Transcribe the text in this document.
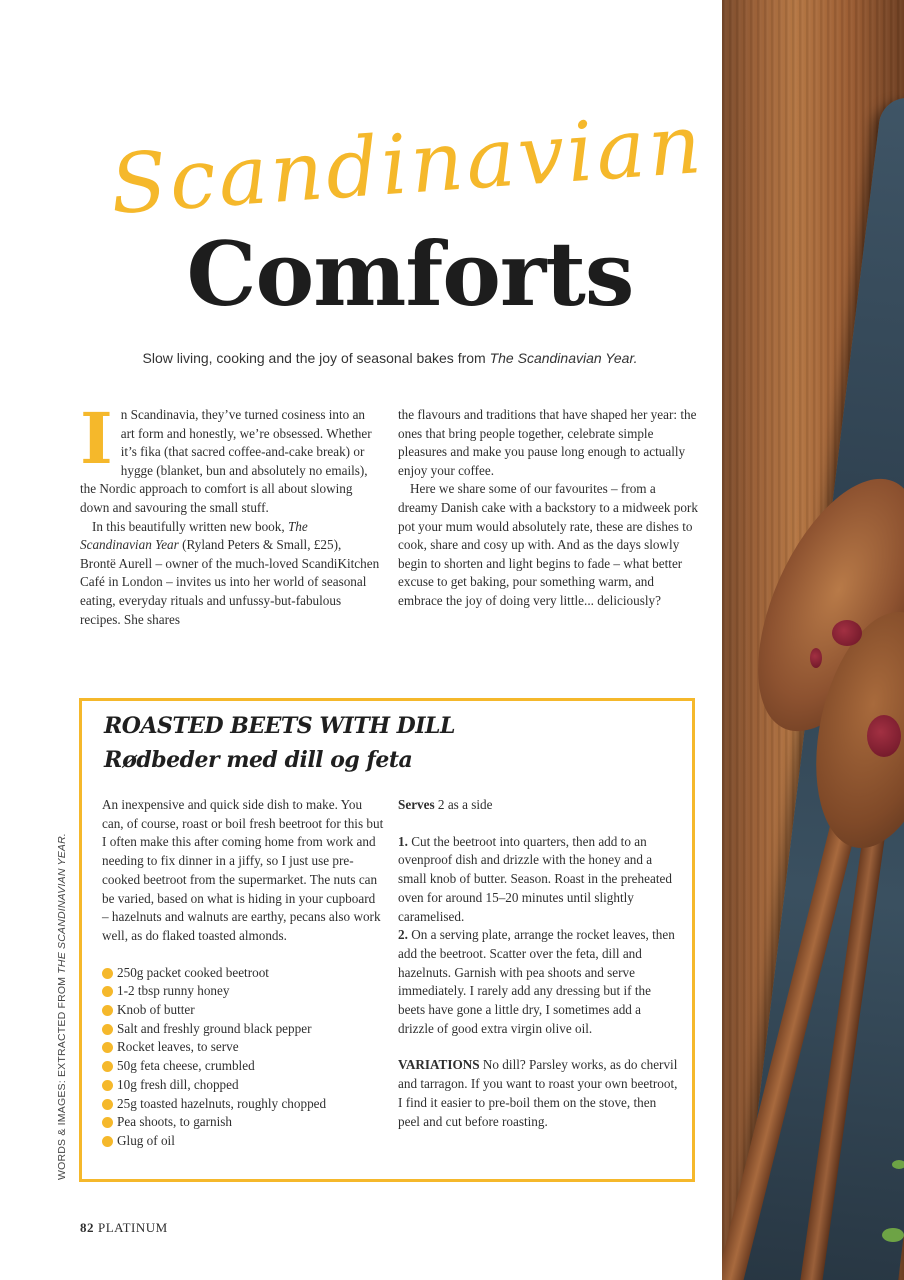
Scandinavian
Comforts
Slow living, cooking and the joy of seasonal bakes from The Scandinavian Year.

In Scandinavia, they’ve turned cosiness into an art form and honestly, we’re obsessed. Whether it’s fika (that sacred coffee-and-cake break) or hygge (blanket, bun and absolutely no emails), the Nordic approach to comfort is all about slowing down and savouring the small stuff.

In this beautifully written new book, The Scandinavian Year (Ryland Peters & Small, £25), Brontë Aurell – owner of the much-loved ScandiKitchen Café in London – invites us into her world of seasonal eating, everyday rituals and unfussy-but-fabulous recipes. She shares

the flavours and traditions that have shaped her year: the ones that bring people together, celebrate simple pleasures and make you pause long enough to actually enjoy your coffee.

Here we share some of our favourites – from a dreamy Danish cake with a backstory to a midweek pork pot your mum would absolutely rate, these are dishes to cook, share and cosy up with. And as the days slowly begin to shorten and light begins to fade – what better excuse to get baking, pour something warm, and embrace the joy of doing very little... deliciously?

ROASTED BEETS WITH DILL
Rødbeder med dill og feta

An inexpensive and quick side dish to make. You can, of course, roast or boil fresh beetroot for this but I often make this after coming home from work and needing to fix dinner in a jiffy, so I just use pre-cooked beetroot from the supermarket. The nuts can be varied, based on what is hiding in your cupboard – hazelnuts and walnuts are earthy, pecans also work well, as do flaked toasted almonds.

250g packet cooked beetroot
1-2 tbsp runny honey
Knob of butter
Salt and freshly ground black pepper
Rocket leaves, to serve
50g feta cheese, crumbled
10g fresh dill, chopped
25g toasted hazelnuts, roughly chopped
Pea shoots, to garnish
Glug of oil

Serves 2 as a side

1. Cut the beetroot into quarters, then add to an ovenproof dish and drizzle with the honey and a small knob of butter. Season. Roast in the preheated oven for around 15–20 minutes until slightly caramelised.

2. On a serving plate, arrange the rocket leaves, then add the beetroot. Scatter over the feta, dill and hazelnuts. Garnish with pea shoots and serve immediately. I rarely add any dressing but if the beets have gone a little dry, I sometimes add a drizzle of good extra virgin olive oil.

VARIATIONS No dill? Parsley works, as do chervil and tarragon. If you want to roast your own beetroot, I find it easier to pre-boil them on the stove, then peel and cut before roasting.

WORDS & IMAGES: EXTRACTED FROM THE SCANDINAVIAN YEAR.
82 PLATINUM
